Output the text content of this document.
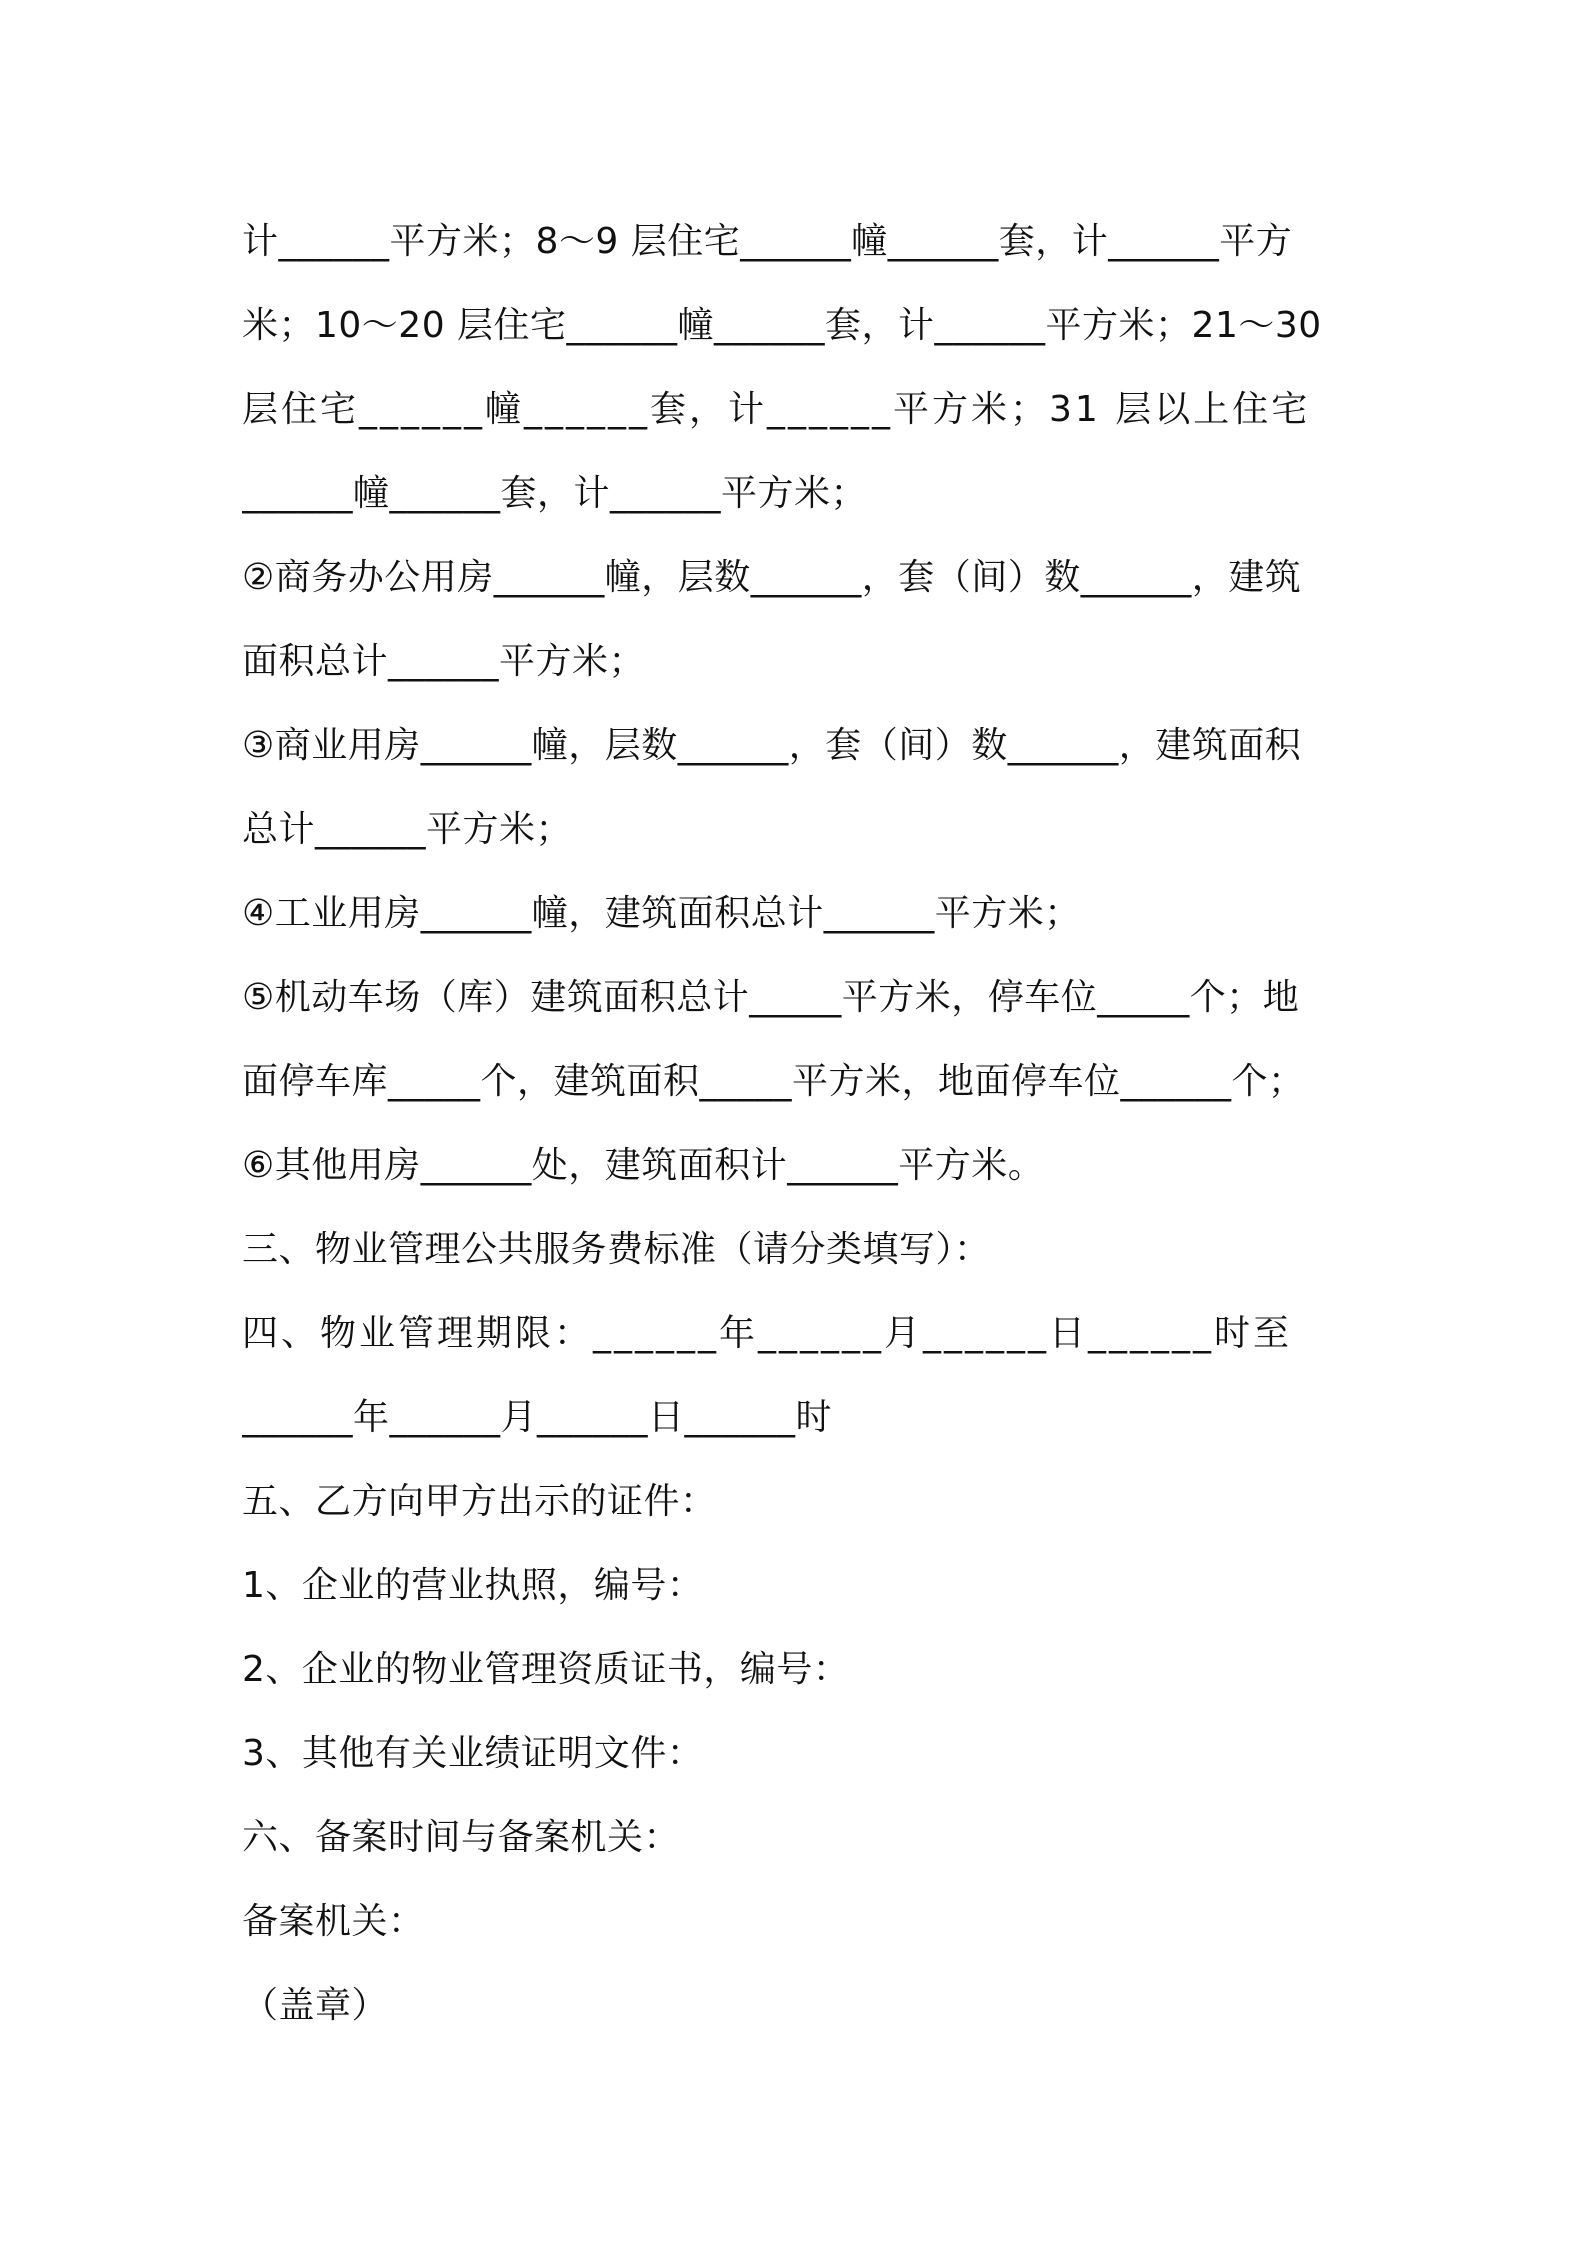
计______平方米；8～9 层住宅______幢______套，计______平方
米；10～20 层住宅______幢______套，计______平方米；21～30
层住宅______幢______套，计______平方米；31 层以上住宅
______幢______套，计______平方米；
②商务办公用房______幢，层数______，套（间）数______，建筑
面积总计______平方米；
③商业用房______幢，层数______，套（间）数______，建筑面积
总计______平方米；
④工业用房______幢，建筑面积总计______平方米；
⑤机动车场（库）建筑面积总计_____平方米，停车位_____个；地
面停车库_____个，建筑面积_____平方米，地面停车位______个；
⑥其他用房______处，建筑面积计______平方米。
三、物业管理公共服务费标准（请分类填写）：
四、物业管理期限：______年______月______日______时至
______年______月______日______时
五、乙方向甲方出示的证件：
1、企业的营业执照，编号：
2、企业的物业管理资质证书，编号：
3、其他有关业绩证明文件：
六、备案时间与备案机关：
备案机关：
（盖章）
